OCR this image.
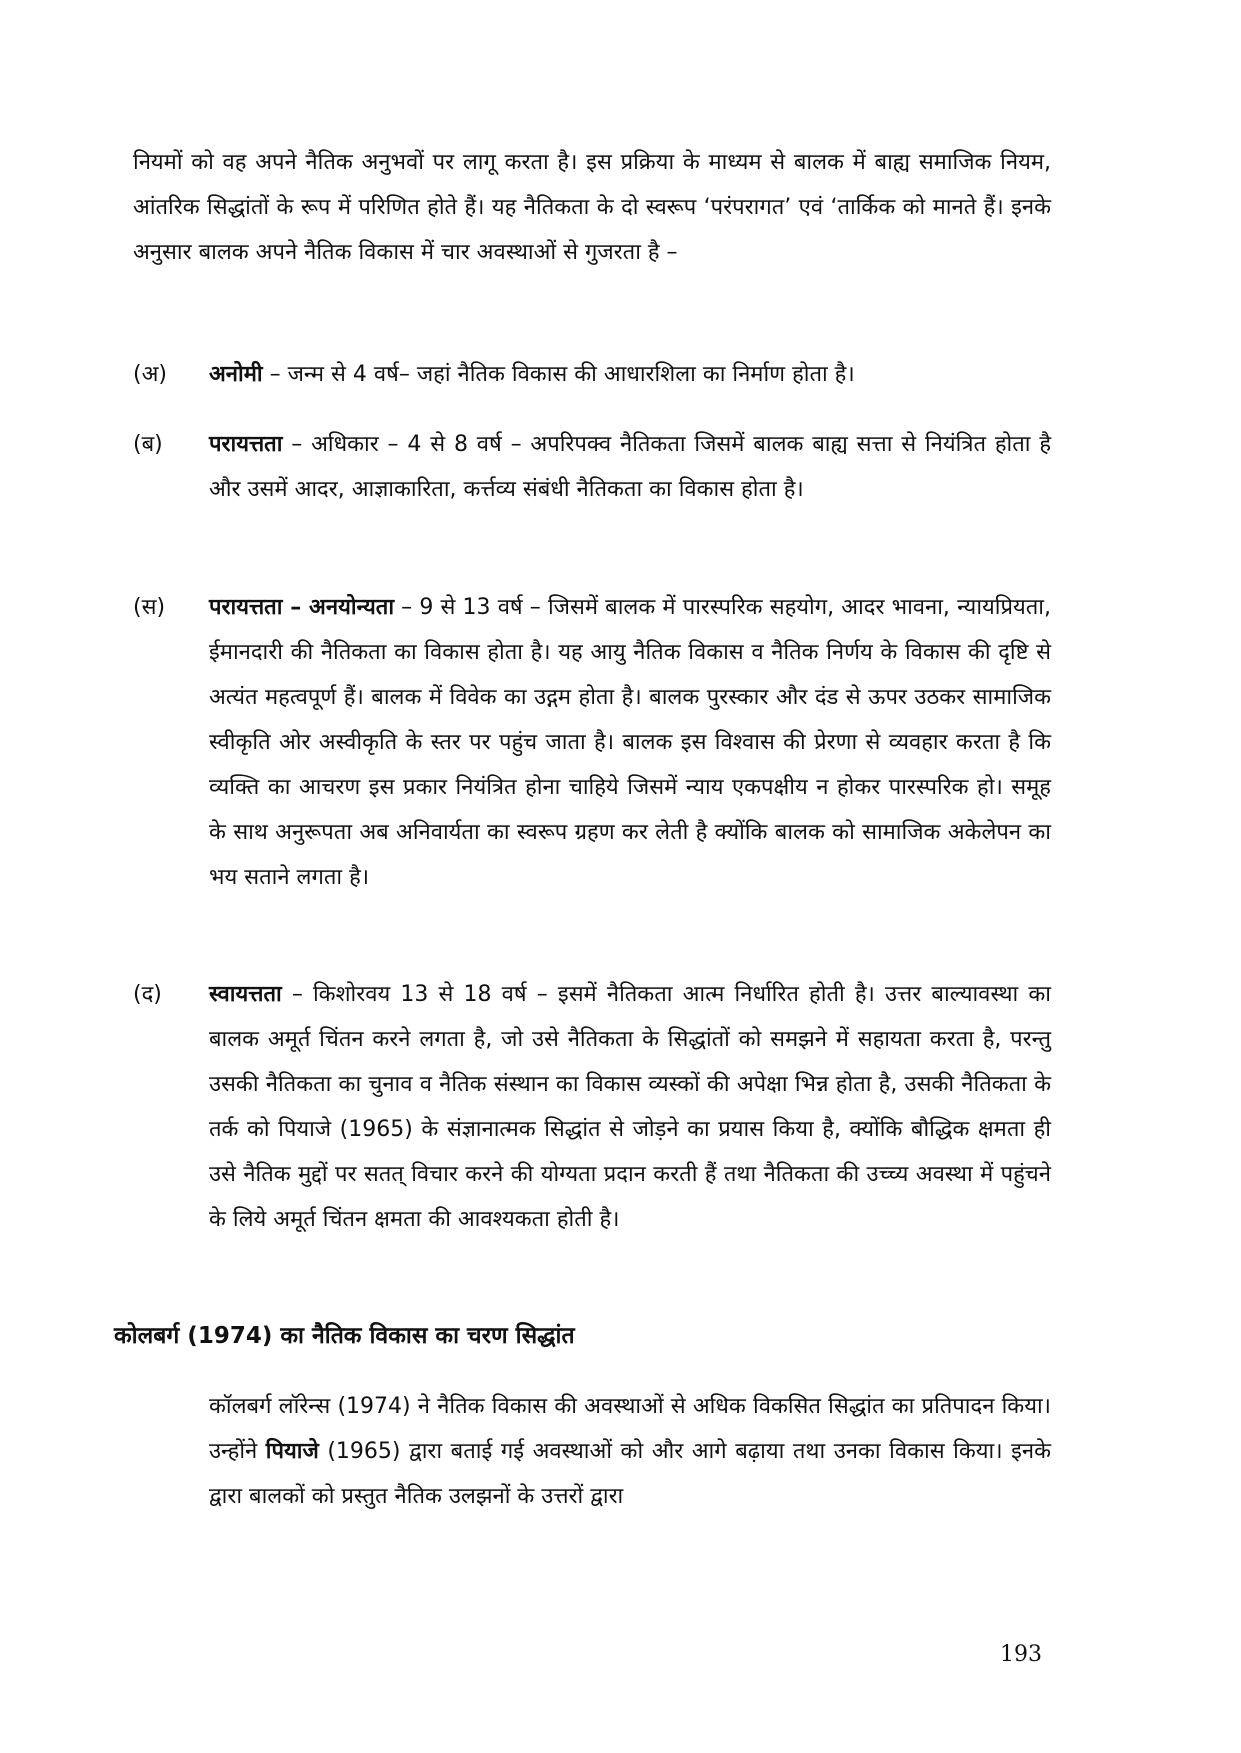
नियमों को वह अपने नैतिक अनुभवों पर लागू करता है। इस प्रक्रिया के माध्यम से बालक में बाह्य समाजिक नियम, आंतरिक सिद्धांतों के रूप में परिणित होते हैं। यह नैतिकता के दो स्वरूप ‘परंपरागत’ एवं ‘तार्किक को मानते हैं। इनके अनुसार बालक अपने नैतिक विकास में चार अवस्थाओं से गुजरता है –

(अ)	अनोमी – जन्म से 4 वर्ष– जहां नैतिक विकास की आधारशिला का निर्माण होता है।

(ब)	परायत्तता – अधिकार – 4 से 8 वर्ष – अपरिपक्व नैतिकता जिसमें बालक बाह्य सत्ता से नियंत्रित होता है और उसमें आदर, आज्ञाकारिता, कर्त्तव्य संबंधी नैतिकता का विकास होता है।

(स)	परायत्तता – अनयोन्यता – 9 से 13 वर्ष – जिसमें बालक में पारस्परिक सहयोग, आदर भावना, न्यायप्रियता, ईमानदारी की नैतिकता का विकास होता है। यह आयु नैतिक विकास व नैतिक निर्णय के विकास की दृष्टि से अत्यंत महत्वपूर्ण हैं। बालक में विवेक का उद्गम होता है। बालक पुरस्कार और दंड से ऊपर उठकर सामाजिक स्वीकृति ओर अस्वीकृति के स्तर पर पहुंच जाता है। बालक इस विश्वास की प्रेरणा से व्यवहार करता है कि व्यक्ति का आचरण इस प्रकार नियंत्रित होना चाहिये जिसमें न्याय एकपक्षीय न होकर पारस्परिक हो। समूह के साथ अनुरूपता अब अनिवार्यता का स्वरूप ग्रहण कर लेती है क्योंकि बालक को सामाजिक अकेलेपन का भय सताने लगता है।

(द)	स्वायत्तता – किशोरवय 13 से 18 वर्ष – इसमें नैतिकता आत्म निर्धारित होती है। उत्तर बाल्यावस्था का बालक अमूर्त चिंतन करने लगता है, जो उसे नैतिकता के सिद्धांतों को समझने में सहायता करता है, परन्तु उसकी नैतिकता का चुनाव व नैतिक संस्थान का विकास व्यस्कों की अपेक्षा भिन्न होता है, उसकी नैतिकता के तर्क को पियाजे (1965) के संज्ञानात्मक सिद्धांत से जोड़ने का प्रयास किया है, क्योंकि बौद्धिक क्षमता ही उसे नैतिक मुद्दों पर सतत् विचार करने की योग्यता प्रदान करती हैं तथा नैतिकता की उच्च्य अवस्था में पहुंचने के लिये अमूर्त चिंतन क्षमता की आवश्यकता होती है।

कोलबर्ग (1974) का नैतिक विकास का चरण सिद्धांत

कॉलबर्ग लॉरेन्स (1974) ने नैतिक विकास की अवस्थाओं से अधिक विकसित सिद्धांत का प्रतिपादन किया। उन्होंने पियाजे (1965) द्वारा बताई गई अवस्थाओं को और आगे बढ़ाया तथा उनका विकास किया। इनके द्वारा बालकों को प्रस्तुत नैतिक उलझनों के उत्तरों द्वारा

193
